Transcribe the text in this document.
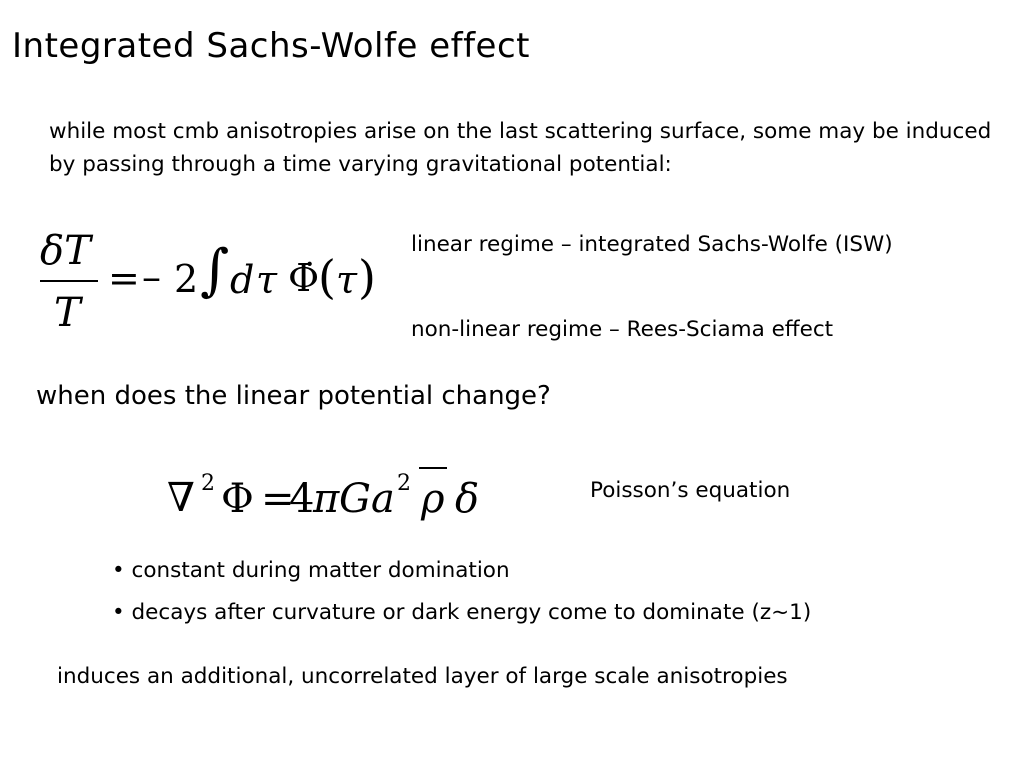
Integrated Sachs-Wolfe effect
while most cmb anisotropies arise on the last scattering surface, some may be induced by passing through a time varying gravitational potential:
δT
T
= – 2 ∫ d τ Φ̇
( τ )
linear regime – integrated Sachs-Wolfe (ISW)
non-linear regime – Rees-Sciama effect
when does the linear potential change?
∇ 2 Φ =
4
π G a 2 ρ δ	Poisson’s equation
• constant during matter domination
• decays after curvature or dark energy come to dominate (z~1)
induces an additional, uncorrelated layer of large scale anisotropies
